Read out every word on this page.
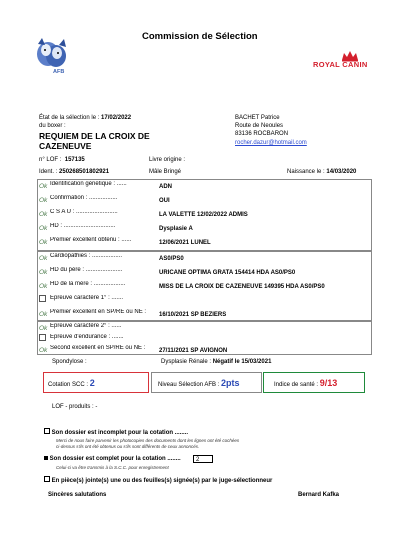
Commission de Sélection
AFB
ROYAL CANIN
État de la sélection le : 17/02/2022
du boxer :
REQUIEM DE LA CROIX DE CAZENEUVE
n° LOF : 157135
Ident. : 250268501802921
Livre origine :
Mâle Bringé	Naissance le : 14/03/2020
BACHET Patrice
Route de Neoules
83136 ROCBARON
rocher.dazur@hotmail.com
Ok Identification génétique : ......	ADN
Ok Confirmation : .................	OUI
Ok C S A U : .........................	LA VALETTE 12/02/2022 ADMIS
Ok HD : ...............................	Dysplasie A
Ok Premier excellent obtenu : ......	12/06/2021 LUNEL
Ok Cardiopathies : ..................	AS0/PS0
Ok HD du père : ......................	URICANE OPTIMA GRATA 154414 HDA AS0/PS0
Ok HD de la mère : ...................	MISS DE LA CROIX DE CAZENEUVE 149395 HDA AS0/PS0
Epreuve caractère 1° : .......
Ok Premier excellent en SP/RE ou NE : 16/10/2021 SP BEZIERS
Ok Epreuve caractère 2° : ......
Epreuve d'endurance : .......
Ok Second excellent en SP/RE ou NE : 27/11/2021 SP AVIGNON
Spondylose :	Dysplasie Rénale : Négatif le 15/03/2021
Cotation SCC : 2	Niveau Sélection AFB : 2pts	Indice de santé : 9/13
LOF - produits : -
Son dossier est incomplet pour la cotation ........
Merci de nous faire parvenir les photocopies des documents dont les lignes ont été cochées
ci-dessus s'ils ont été obtenus ou s'ils sont différents de ceux annoncés.
Son dossier est complet pour la cotation ........	2
Celui-ci va être transmis à la S.C.C. pour enregistrement
En pièce(s) jointe(s) une ou des feuilles(s) signée(s) par le juge-sélectionneur
Sincères salutations	Bernard Kafka
